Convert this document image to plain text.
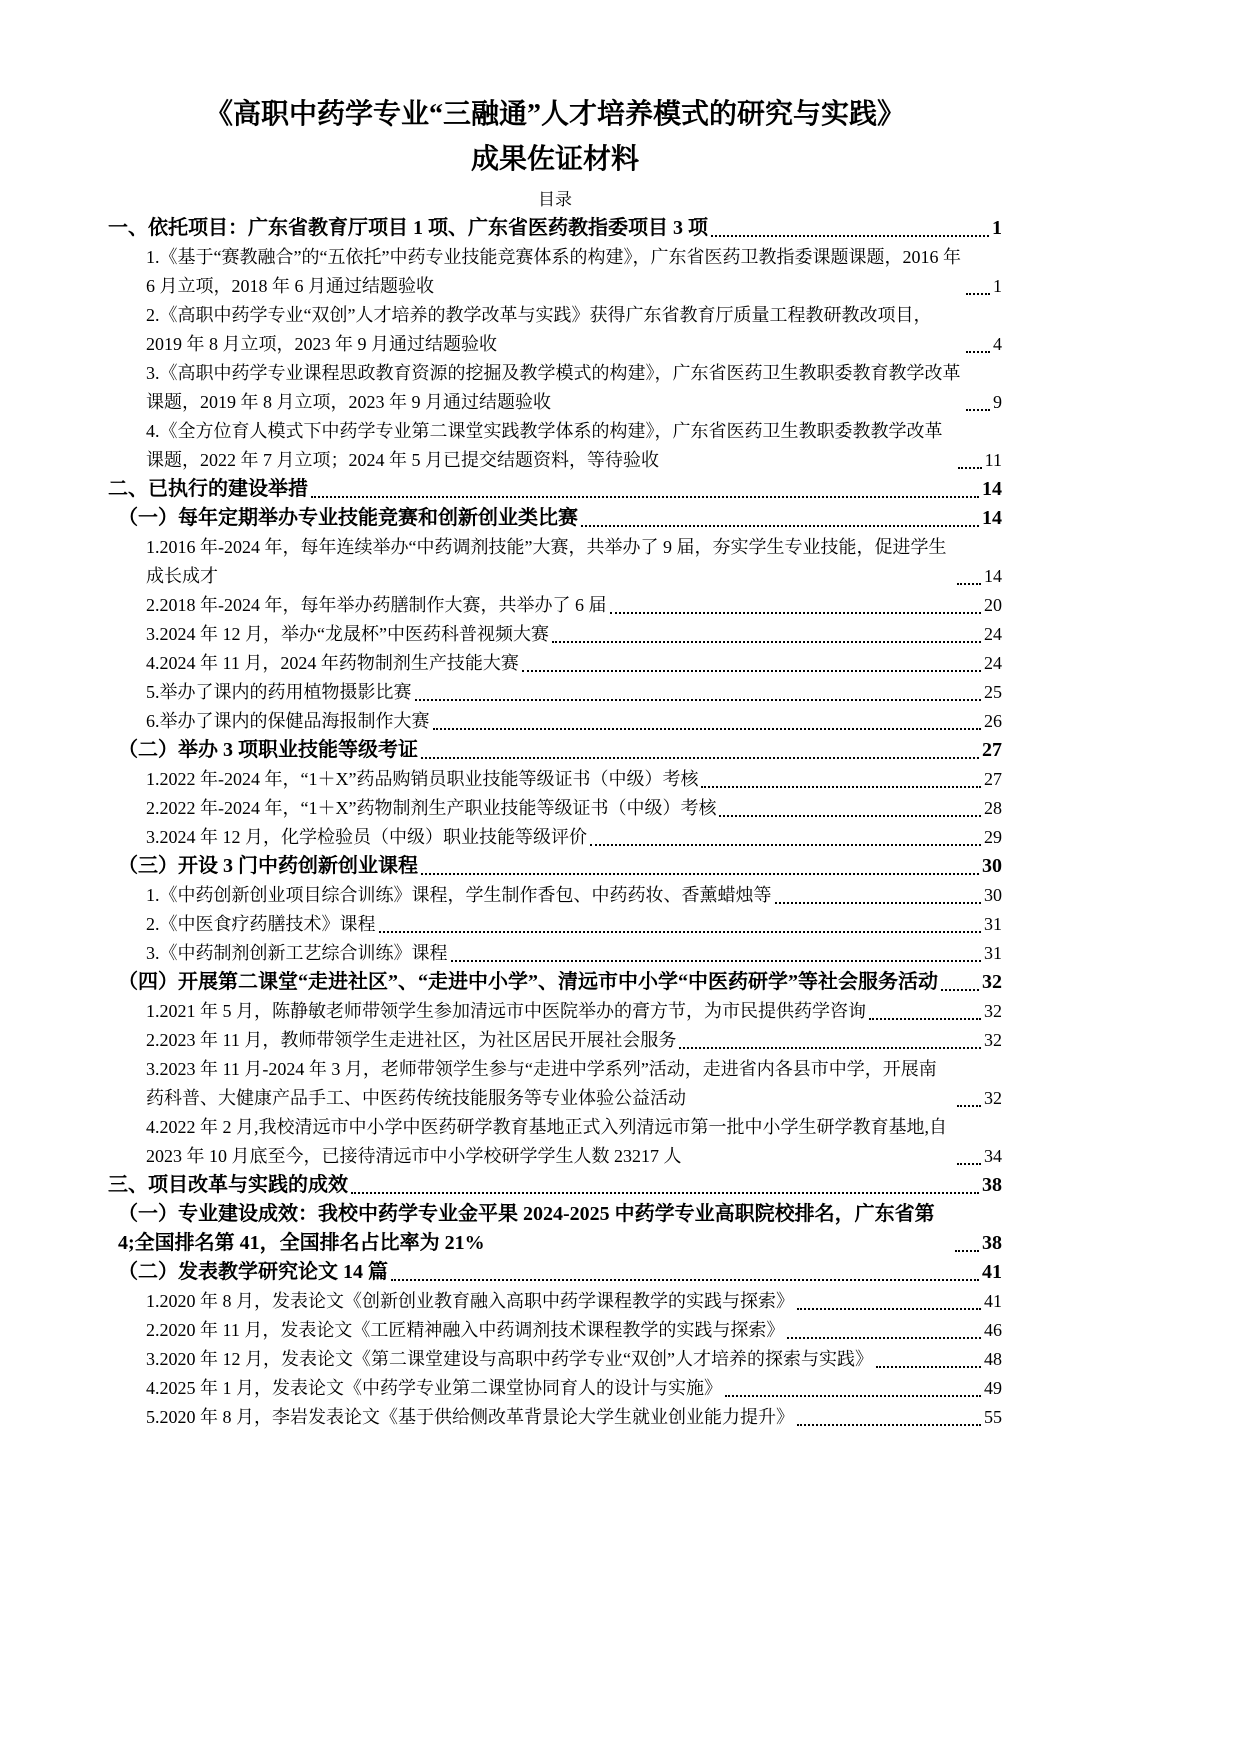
《高职中药学专业“三融通”人才培养模式的研究与实践》
成果佐证材料
目录
一、依托项目：广东省教育厅项目 1 项、广东省医药教指委项目 3 项	1
1.《基于“赛教融合”的“五依托”中药专业技能竞赛体系的构建》，广东省医药卫教指委课题课题，2016 年 6 月立项，2018 年 6 月通过结题验收	1
2.《高职中药学专业“双创”人才培养的教学改革与实践》获得广东省教育厅质量工程教研教改项目，2019 年 8 月立项，2023 年 9 月通过结题验收	4
3.《高职中药学专业课程思政教育资源的挖掘及教学模式的构建》，广东省医药卫生教职委教育教学改革课题，2019 年 8 月立项，2023 年 9 月通过结题验收	9
4.《全方位育人模式下中药学专业第二课堂实践教学体系的构建》，广东省医药卫生教职委教教学改革课题，2022 年 7 月立项；2024 年 5 月已提交结题资料，等待验收	11
二、已执行的建设举措	14
（一）每年定期举办专业技能竞赛和创新创业类比赛	14
1.2016 年-2024 年，每年连续举办“中药调剂技能”大赛，共举办了 9 届，夯实学生专业技能，促进学生成长成才	14
2.2018 年-2024 年，每年举办药膳制作大赛，共举办了 6 届	20
3.2024 年 12 月，举办“龙晟杯”中医药科普视频大赛	24
4.2024 年 11 月，2024 年药物制剂生产技能大赛	24
5.举办了课内的药用植物摄影比赛	25
6.举办了课内的保健品海报制作大赛	26
（二）举办 3 项职业技能等级考证	27
1.2022 年-2024 年，“1＋X”药品购销员职业技能等级证书（中级）考核	27
2.2022 年-2024 年，“1＋X”药物制剂生产职业技能等级证书（中级）考核	28
3.2024 年 12 月，化学检验员（中级）职业技能等级评价	29
（三）开设 3 门中药创新创业课程	30
1.《中药创新创业项目综合训练》课程，学生制作香包、中药药妆、香薰蜡烛等	30
2.《中医食疗药膳技术》课程	31
3.《中药制剂创新工艺综合训练》课程	31
（四）开展第二课堂“走进社区”、“走进中小学”、清远市中小学“中医药研学”等社会服务活动 32
1.2021 年 5 月，陈静敏老师带领学生参加清远市中医院举办的膏方节，为市民提供药学咨询	32
2.2023 年 11 月，教师带领学生走进社区，为社区居民开展社会服务	32
3.2023 年 11 月-2024 年 3 月，老师带领学生参与“走进中学系列”活动，走进省内各县市中学，开展南药科普、大健康产品手工、中医药传统技能服务等专业体验公益活动	32
4.2022 年 2 月,我校清远市中小学中医药研学教育基地正式入列清远市第一批中小学生研学教育基地,自 2023 年 10 月底至今，已接待清远市中小学校研学学生人数 23217 人	34
三、项目改革与实践的成效	38
（一）专业建设成效：我校中药学专业金平果 2024-2025 中药学专业高职院校排名，广东省第 4;全国排名第 41，全国排名占比率为 21%	38
（二）发表教学研究论文 14 篇	41
1.2020 年 8 月，发表论文《创新创业教育融入高职中药学课程教学的实践与探索》	41
2.2020 年 11 月，发表论文《工匠精神融入中药调剂技术课程教学的实践与探索》	46
3.2020 年 12 月，发表论文《第二课堂建设与高职中药学专业“双创”人才培养的探索与实践》	48
4.2025 年 1 月，发表论文《中药学专业第二课堂协同育人的设计与实施》	49
5.2020 年 8 月，李岩发表论文《基于供给侧改革背景论大学生就业创业能力提升》	55
